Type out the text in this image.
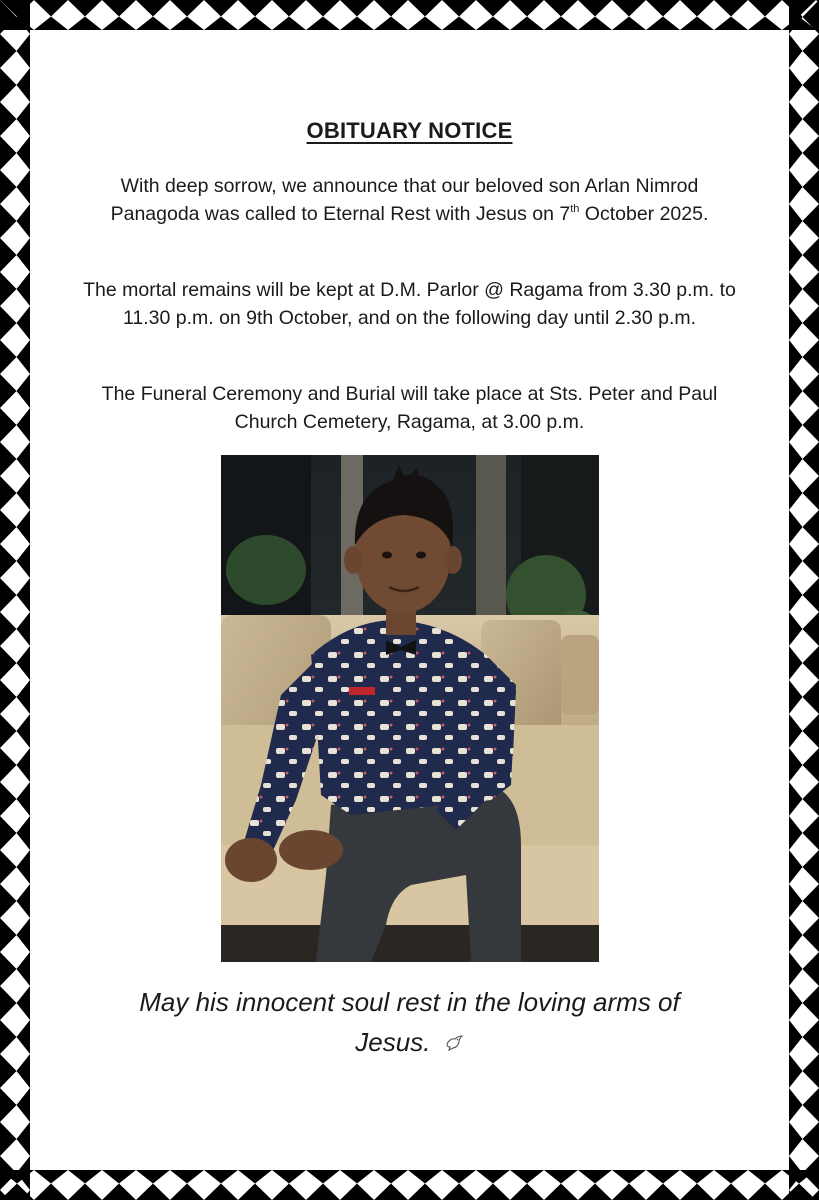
OBITUARY NOTICE

With deep sorrow, we announce that our beloved son Arlan Nimrod Panagoda was called to Eternal Rest with Jesus on 7th October 2025.

The mortal remains will be kept at D.M. Parlor @ Ragama from 3.30 p.m. to 11.30 p.m. on 9th October, and on the following day until 2.30 p.m.

The Funeral Ceremony and Burial will take place at Sts. Peter and Paul Church Cemetery, Ragama, at 3.00 p.m.

May his innocent soul rest in the loving arms of
Jesus.
